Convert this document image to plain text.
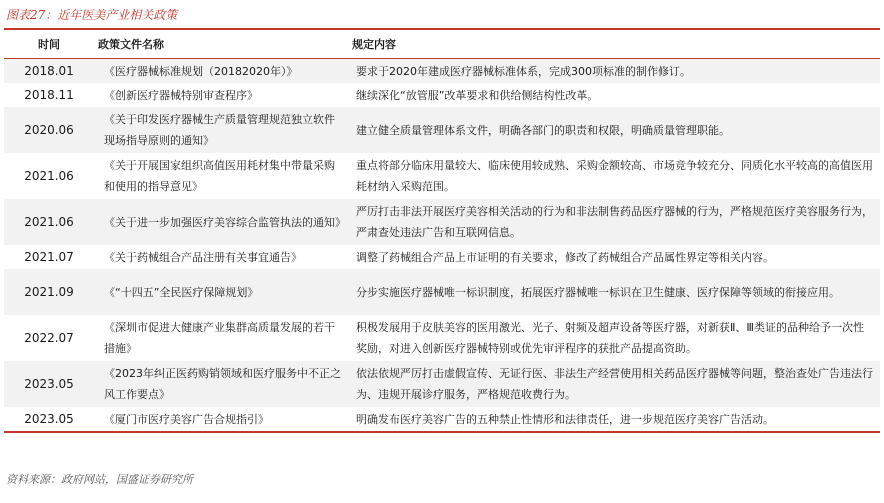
图表27：近年医美产业相关政策
时间	政策文件名称	规定内容
2018.01	《医疗器械标准规划（20182020年）》	要求于2020年建成医疗器械标准体系，完成300项标准的制作修订。
2018.11	《创新医疗器械特别审查程序》	继续深化“放管服”改革要求和供给侧结构性改革。
2020.06	《关于印发医疗器械生产质量管理规范独立软件现场指导原则的通知》	建立健全质量管理体系文件，明确各部门的职责和权限，明确质量管理职能。
2021.06	《关于开展国家组织高值医用耗材集中带量采购和使用的指导意见》	重点将部分临床用量较大、临床使用较成熟、采购金额较高、市场竞争较充分、同质化水平较高的高值医用耗材纳入采购范围。
2021.06	《关于进一步加强医疗美容综合监管执法的通知》	严厉打击非法开展医疗美容相关活动的行为和非法制售药品医疗器械的行为，严格规范医疗美容服务行为，严肃查处违法广告和互联网信息。
2021.07	《关于药械组合产品注册有关事宜通告》	调整了药械组合产品上市证明的有关要求，修改了药械组合产品属性界定等相关内容。
2021.09	《“十四五”全民医疗保障规划》	分步实施医疗器械唯一标识制度，拓展医疗器械唯一标识在卫生健康、医疗保障等领域的衔接应用。
2022.07	《深圳市促进大健康产业集群高质量发展的若干措施》	积极发展用于皮肤美容的医用激光、光子、射频及超声设备等医疗器，对新获Ⅱ、Ⅲ类证的品种给予一次性奖励，对进入创新医疗器械特别或优先审评程序的获批产品提高资助。
2023.05	《2023年纠正医药购销领域和医疗服务中不正之风工作要点》	依法依规严厉打击虚假宣传、无证行医、非法生产经营使用相关药品医疗器械等问题，整治查处广告违法行为、违规开展诊疗服务，严格规范收费行为。
2023.05	《厦门市医疗美容广告合规指引》	明确发布医疗美容广告的五种禁止性情形和法律责任，进一步规范医疗美容广告活动。
资料来源：政府网站，国盛证券研究所
